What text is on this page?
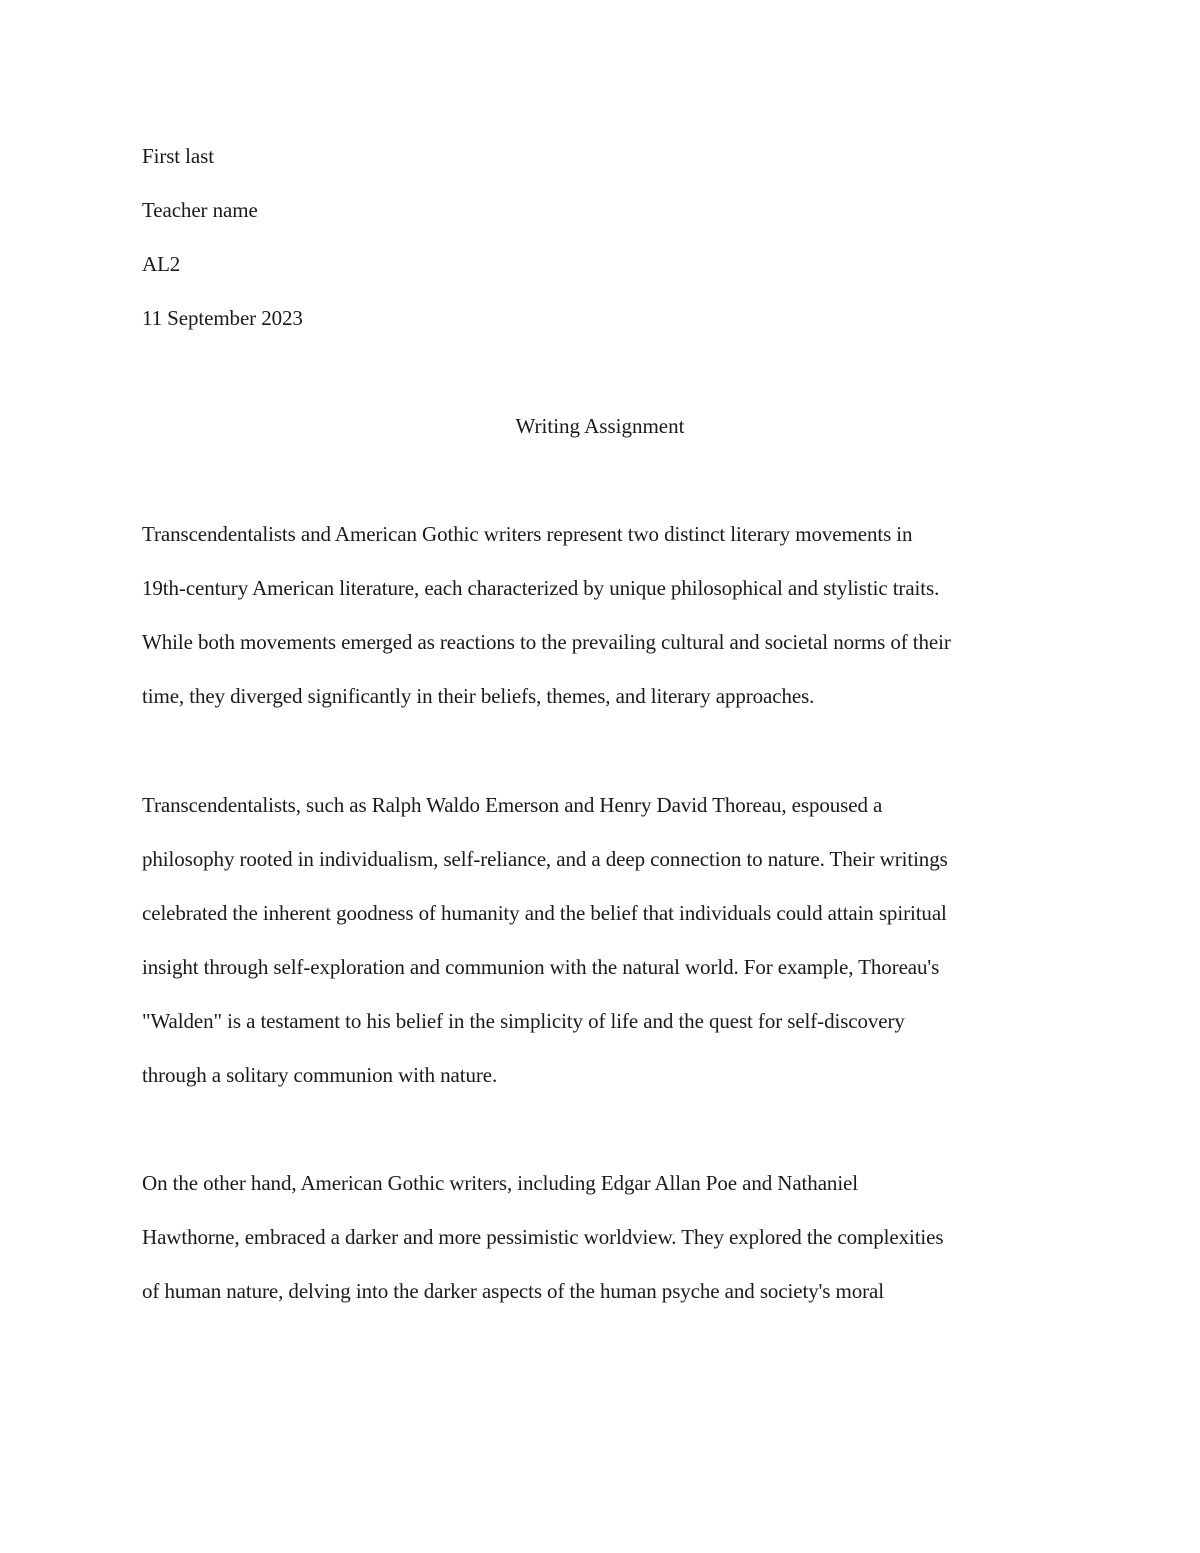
First last
Teacher name
AL2
11 September 2023
Writing Assignment
Transcendentalists and American Gothic writers represent two distinct literary movements in
19th-century American literature, each characterized by unique philosophical and stylistic traits.
While both movements emerged as reactions to the prevailing cultural and societal norms of their
time, they diverged significantly in their beliefs, themes, and literary approaches.
Transcendentalists, such as Ralph Waldo Emerson and Henry David Thoreau, espoused a
philosophy rooted in individualism, self-reliance, and a deep connection to nature. Their writings
celebrated the inherent goodness of humanity and the belief that individuals could attain spiritual
insight through self-exploration and communion with the natural world. For example, Thoreau's
"Walden" is a testament to his belief in the simplicity of life and the quest for self-discovery
through a solitary communion with nature.
On the other hand, American Gothic writers, including Edgar Allan Poe and Nathaniel
Hawthorne, embraced a darker and more pessimistic worldview. They explored the complexities
of human nature, delving into the darker aspects of the human psyche and society's moral
